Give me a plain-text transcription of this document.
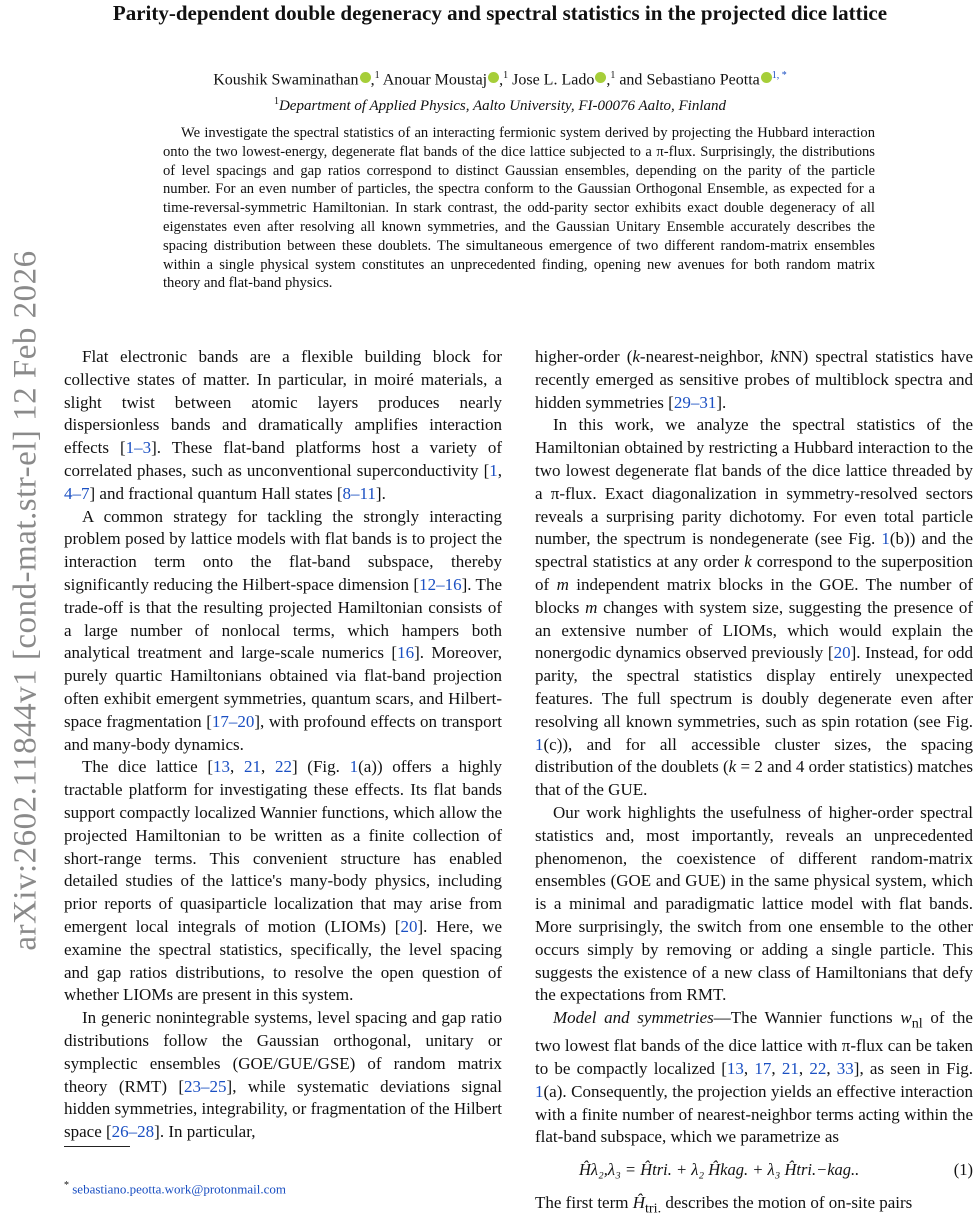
arXiv:2602.11844v1 [cond-mat.str-el] 12 Feb 2026
Parity-dependent double degeneracy and spectral statistics in the projected dice lattice
Koushik Swaminathan ,$^1$ Anouar Moustaj ,$^1$ Jose L. Lado ,$^1$ and Sebastiano Peotta $^{1, *}$
$^1$Department of Applied Physics, Aalto University, FI-00076 Aalto, Finland
We investigate the spectral statistics of an interacting fermionic system derived by projecting the Hubbard interaction onto the two lowest-energy, degenerate flat bands of the dice lattice subjected to a π-flux. Surprisingly, the distributions of level spacings and gap ratios correspond to distinct Gaussian ensembles, depending on the parity of the particle number. For an even number of particles, the spectra conform to the Gaussian Orthogonal Ensemble, as expected for a time-reversal-symmetric Hamiltonian. In stark contrast, the odd-parity sector exhibits exact double degeneracy of all eigenstates even after resolving all known symmetries, and the Gaussian Unitary Ensemble accurately describes the spacing distribution between these doublets. The simultaneous emergence of two different random-matrix ensembles within a single physical system constitutes an unprecedented finding, opening new avenues for both random matrix theory and flat-band physics.

Flat electronic bands are a flexible building block for collective states of matter. In particular, in moiré materials, a slight twist between atomic layers produces nearly dispersionless bands and dramatically amplifies interaction effects [1–3]. These flat-band platforms host a variety of correlated phases, such as unconventional superconductivity [1, 4–7] and fractional quantum Hall states [8–11].

A common strategy for tackling the strongly interacting problem posed by lattice models with flat bands is to project the interaction term onto the flat-band subspace, thereby significantly reducing the Hilbert-space dimension [12–16]. The trade-off is that the resulting projected Hamiltonian consists of a large number of nonlocal terms, which hampers both analytical treatment and large-scale numerics [16]. Moreover, purely quartic Hamiltonians obtained via flat-band projection often exhibit emergent symmetries, quantum scars, and Hilbert-space fragmentation [17–20], with profound effects on transport and many-body dynamics.

The dice lattice [13, 21, 22] (Fig. 1(a)) offers a highly tractable platform for investigating these effects. Its flat bands support compactly localized Wannier functions, which allow the projected Hamiltonian to be written as a finite collection of short-range terms. This convenient structure has enabled detailed studies of the lattice's many-body physics, including prior reports of quasiparticle localization that may arise from emergent local integrals of motion (LIOMs) [20]. Here, we examine the spectral statistics, specifically, the level spacing and gap ratios distributions, to resolve the open question of whether LIOMs are present in this system.

In generic nonintegrable systems, level spacing and gap ratio distributions follow the Gaussian orthogonal, unitary or symplectic ensembles (GOE/GUE/GSE) of random matrix theory (RMT) [23–25], while systematic deviations signal hidden symmetries, integrability, or fragmentation of the Hilbert space [26–28]. In particular,

higher-order (k-nearest-neighbor, kNN) spectral statistics have recently emerged as sensitive probes of multiblock spectra and hidden symmetries [29–31].

In this work, we analyze the spectral statistics of the Hamiltonian obtained by restricting a Hubbard interaction to the two lowest degenerate flat bands of the dice lattice threaded by a π-flux. Exact diagonalization in symmetry-resolved sectors reveals a surprising parity dichotomy. For even total particle number, the spectrum is nondegenerate (see Fig. 1(b)) and the spectral statistics at any order k correspond to the superposition of m independent matrix blocks in the GOE. The number of blocks m changes with system size, suggesting the presence of an extensive number of LIOMs, which would explain the nonergodic dynamics observed previously [20]. Instead, for odd parity, the spectral statistics display entirely unexpected features. The full spectrum is doubly degenerate even after resolving all known symmetries, such as spin rotation (see Fig. 1(c)), and for all accessible cluster sizes, the spacing distribution of the doublets (k = 2 and 4 order statistics) matches that of the GUE.

Our work highlights the usefulness of higher-order spectral statistics and, most importantly, reveals an unprecedented phenomenon, the coexistence of different random-matrix ensembles (GOE and GUE) in the same physical system, which is a minimal and paradigmatic lattice model with flat bands. More surprisingly, the switch from one ensemble to the other occurs simply by removing or adding a single particle. This suggests the existence of a new class of Hamiltonians that defy the expectations from RMT.

Model and symmetries—The Wannier functions $w_{nl}$ of the two lowest flat bands of the dice lattice with π-flux can be taken to be compactly localized [13, 17, 21, 22, 33], as seen in Fig. 1(a). Consequently, the projection yields an effective interaction with a finite number of nearest-neighbor terms acting within the flat-band subspace, which we parametrize as

Ĥλ₂,λ₃ = Ĥtri. + λ₂ Ĥkag. + λ₃ Ĥtri.−kag..	(1)

The first term $Ĥ_{tri.}$ describes the motion of on-site pairs

* sebastiano.peotta.work@protonmail.com
